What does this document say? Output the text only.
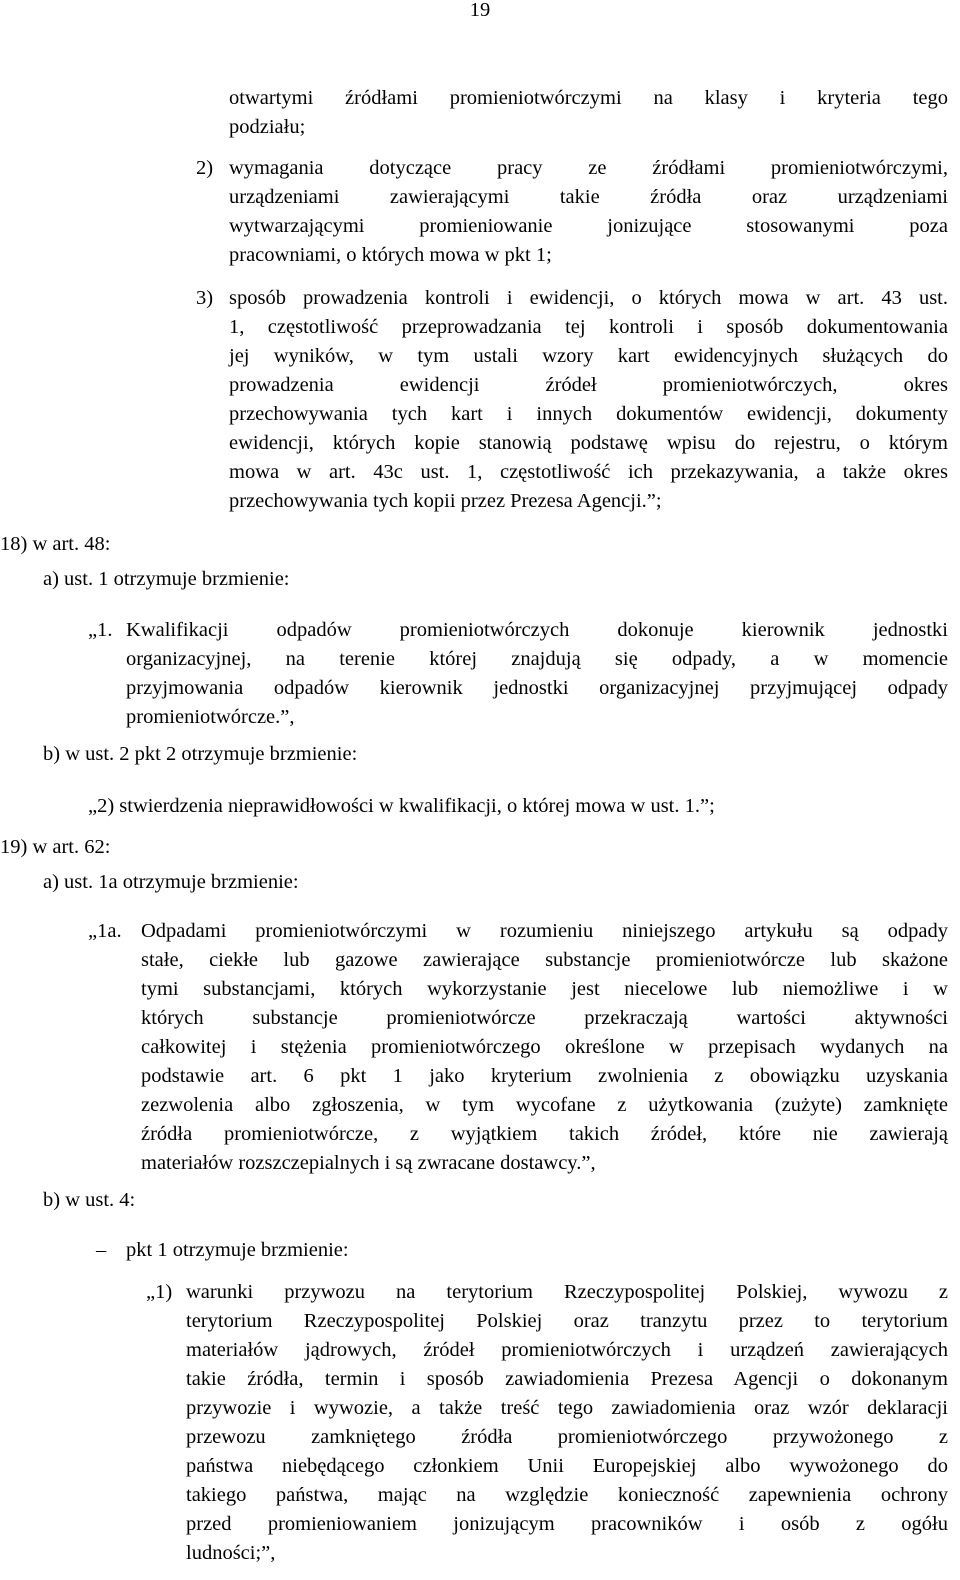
19
otwartymi źródłami promieniotwórczymi na klasy i kryteria tego
podziału;
2) wymagania dotyczące pracy ze źródłami promieniotwórczymi,
urządzeniami zawierającymi takie źródła oraz urządzeniami
wytwarzającymi promieniowanie jonizujące stosowanymi poza
pracowniami, o których mowa w pkt 1;
3) sposób prowadzenia kontroli i ewidencji, o których mowa w art. 43 ust.
1, częstotliwość przeprowadzania tej kontroli i sposób dokumentowania
jej wyników, w tym ustali wzory kart ewidencyjnych służących do
prowadzenia ewidencji źródeł promieniotwórczych, okres
przechowywania tych kart i innych dokumentów ewidencji, dokumenty
ewidencji, których kopie stanowią podstawę wpisu do rejestru, o którym
mowa w art. 43c ust. 1, częstotliwość ich przekazywania, a także okres
przechowywania tych kopii przez Prezesa Agencji.”;
18) w art. 48:
a) ust. 1 otrzymuje brzmienie:
„1. Kwalifikacji odpadów promieniotwórczych dokonuje kierownik jednostki
organizacyjnej, na terenie której znajdują się odpady, a w momencie
przyjmowania odpadów kierownik jednostki organizacyjnej przyjmującej odpady
promieniotwórcze.”,
b) w ust. 2 pkt 2 otrzymuje brzmienie:
„2) stwierdzenia nieprawidłowości w kwalifikacji, o której mowa w ust. 1.”;
19) w art. 62:
a) ust. 1a otrzymuje brzmienie:
„1a. Odpadami promieniotwórczymi w rozumieniu niniejszego artykułu są odpady
stałe, ciekłe lub gazowe zawierające substancje promieniotwórcze lub skażone
tymi substancjami, których wykorzystanie jest niecelowe lub niemożliwe i w
których substancje promieniotwórcze przekraczają wartości aktywności
całkowitej i stężenia promieniotwórczego określone w przepisach wydanych na
podstawie art. 6 pkt 1 jako kryterium zwolnienia z obowiązku uzyskania
zezwolenia albo zgłoszenia, w tym wycofane z użytkowania (zużyte) zamknięte
źródła promieniotwórcze, z wyjątkiem takich źródeł, które nie zawierają
materiałów rozszczepialnych i są zwracane dostawcy.”,
b) w ust. 4:
– pkt 1 otrzymuje brzmienie:
„1) warunki przywozu na terytorium Rzeczypospolitej Polskiej, wywozu z
terytorium Rzeczypospolitej Polskiej oraz tranzytu przez to terytorium
materiałów jądrowych, źródeł promieniotwórczych i urządzeń zawierających
takie źródła, termin i sposób zawiadomienia Prezesa Agencji o dokonanym
przywozie i wywozie, a także treść tego zawiadomienia oraz wzór deklaracji
przewozu zamkniętego źródła promieniotwórczego przywożonego z
państwa niebędącego członkiem Unii Europejskiej albo wywożonego do
takiego państwa, mając na względzie konieczność zapewnienia ochrony
przed promieniowaniem jonizującym pracowników i osób z ogółu
ludności;”,
